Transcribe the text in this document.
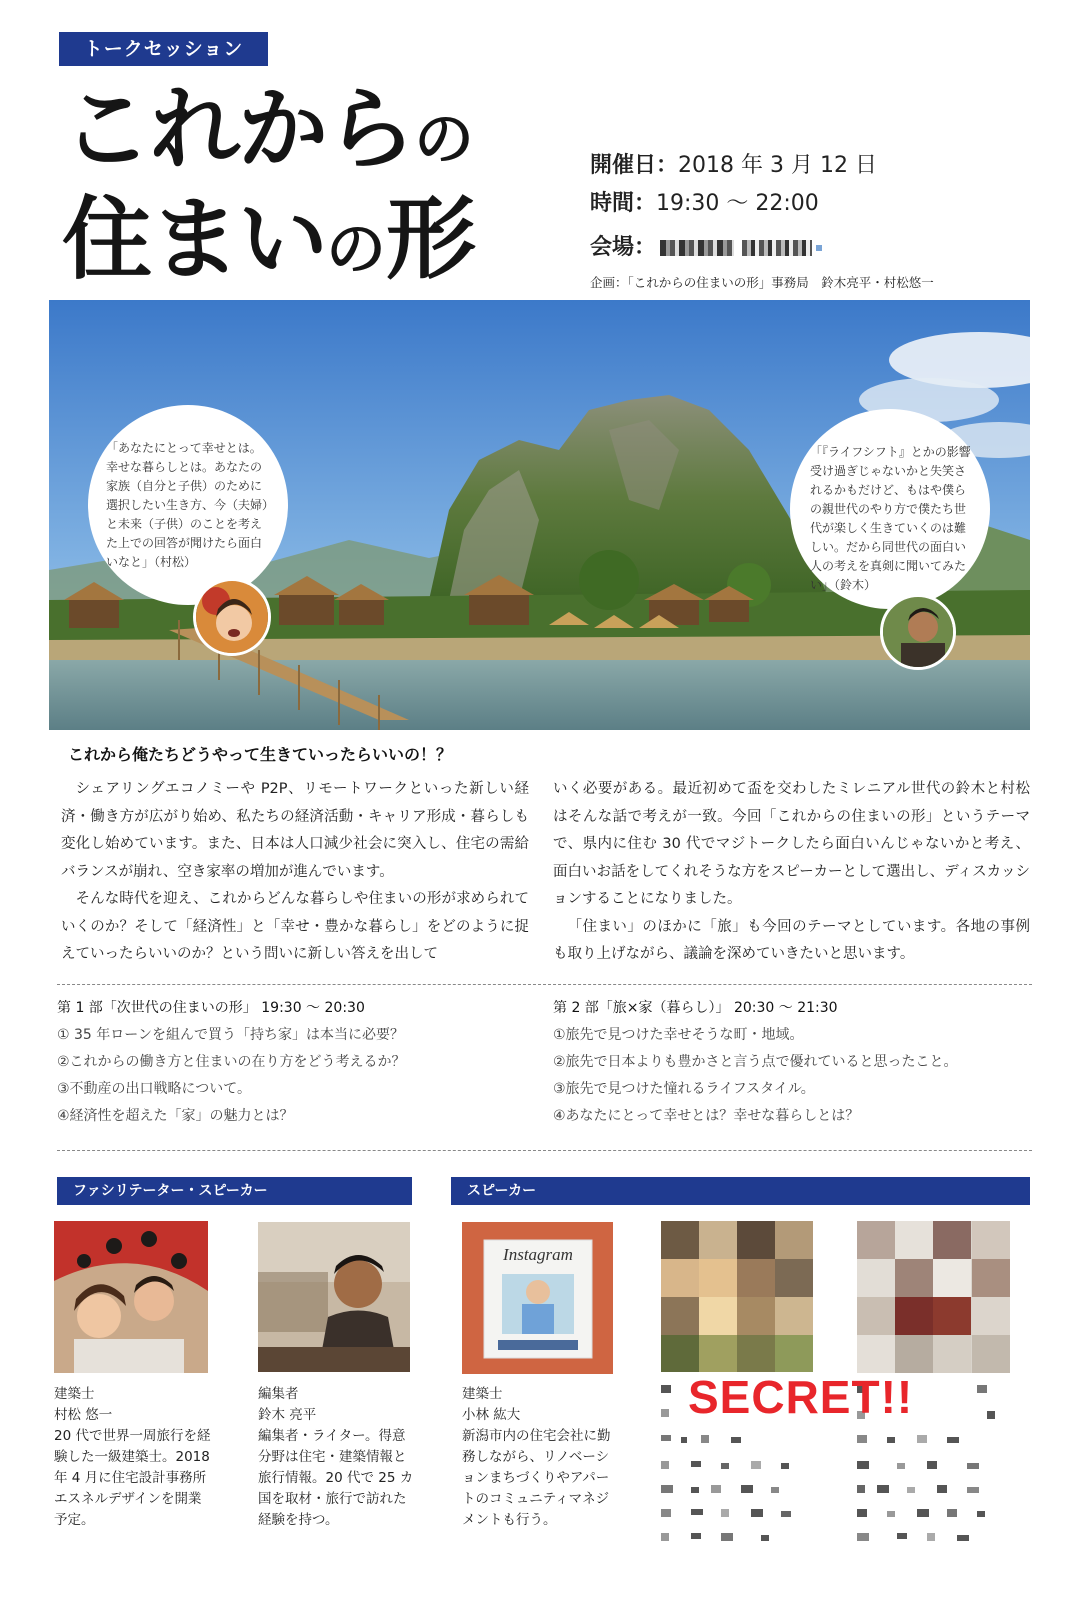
トークセッション
これからの
住まいの形
開催日：2018 年 3 月 12 日
時間：19:30 ～ 22:00
会場：
企画：「これからの住まいの形」事務局　鈴木亮平・村松悠一
「あなたにとって幸せとは。幸せな暮らしとは。あなたの家族（自分と子供）のために選択したい生き方、今（夫婦）と未来（子供）のことを考えた上での回答が聞けたら面白いなと」（村松）
「『ライフシフト』とかの影響受け過ぎじゃないかと失笑されるかもだけど、もはや僕らの親世代のやり方で僕たち世代が楽しく生きていくのは難しい。だから同世代の面白い人の考えを真剣に聞いてみたい」（鈴木）
これから俺たちどうやって生きていったらいいの！？

シェアリングエコノミーや P2P、リモートワークといった新しい経済・働き方が広がり始め、私たちの経済活動・キャリア形成・暮らしも変化し始めています。また、日本は人口減少社会に突入し、住宅の需給バランスが崩れ、空き家率の増加が進んでいます。

そんな時代を迎え、これからどんな暮らしや住まいの形が求められていくのか？そして「経済性」と「幸せ・豊かな暮らし」をどのように捉えていったらいいのか？という問いに新しい答えを出して

いく必要がある。最近初めて盃を交わしたミレニアル世代の鈴木と村松はそんな話で考えが一致。今回「これからの住まいの形」というテーマで、県内に住む 30 代でマジトークしたら面白いんじゃないかと考え、面白いお話をしてくれそうな方をスピーカーとして選出し、ディスカッションすることになりました。

「住まい」のほかに「旅」も今回のテーマとしています。各地の事例も取り上げながら、議論を深めていきたいと思います。

第 1 部「次世代の住まいの形」 19:30 ～ 20:30
① 35 年ローンを組んで買う「持ち家」は本当に必要？
②これからの働き方と住まいの在り方をどう考えるか？
③不動産の出口戦略について。
④経済性を超えた「家」の魅力とは？
第 2 部「旅×家（暮らし）」 20:30 ～ 21:30
①旅先で見つけた幸せそうな町・地域。
②旅先で日本よりも豊かさと言う点で優れていると思ったこと。
③旅先で見つけた憧れるライフスタイル。
④あなたにとって幸せとは？幸せな暮らしとは？
ファシリテーター・スピーカー	スピーカー
Instagram
建築士
村松 悠一
20 代で世界一周旅行を経験した一級建築士。2018 年 4 月に住宅設計事務所エスネルデザインを開業予定。
編集者
鈴木 亮平
編集者・ライター。得意分野は住宅・建築情報と旅行情報。20 代で 25 カ国を取材・旅行で訪れた経験を持つ。
建築士
小林 紘大
新潟市内の住宅会社に勤務しながら、リノベーションまちづくりやアパートのコミュニティマネジメントも行う。
SECRET!!
